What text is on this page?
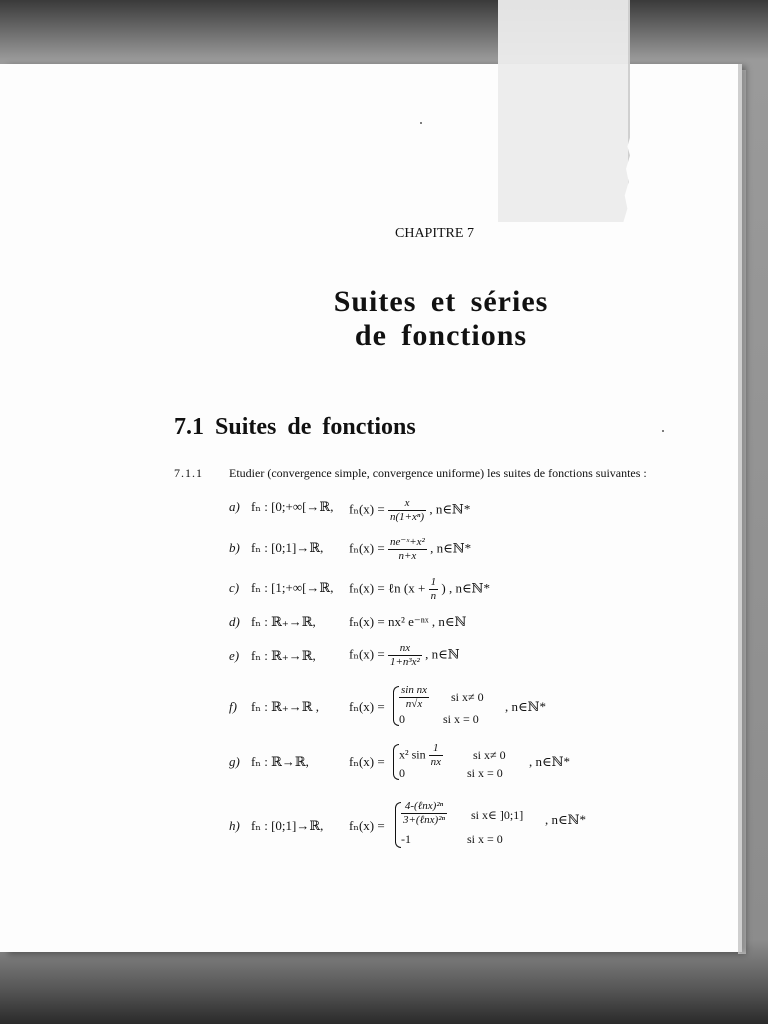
CHAPITRE 7
Suites et séries
de fonctions
7.1 Suites de fonctions
7.1.1 Etudier (convergence simple, convergence uniforme) les suites de fonctions suivantes :
a) fₙ : [0;+∞[→ℝ, $f_n(x) = \frac{x}{\text{n(1+xⁿ)}}$ , n∈ℕ*
b) fₙ : [0;1]→ℝ, $f_n(x) = \frac{\text{ne⁻ˣ+x²}}{n+x}$ , n∈ℕ*
c) fₙ : [1;+∞[→ℝ, fₙ(x) = ℓn ($x + \frac{1}{n}$ ) , n∈ℕ*
d) fₙ : ℝ₊→ℝ,	fₙ(x) = nx² e⁻ⁿˣ , n∈ℕ
e) fₙ : ℝ₊→ℝ,	$f_n(x) = \frac{nx}{\text{1+n³x²}}$ , n∈ℕ
f) fₙ : ℝ₊→ℝ , $f_n(x) = \frac{\text{sin nx}}{n√x}$ si x≠ 0
0	si x = 0
, n∈ℕ*
g) fₙ : ℝ→ℝ,	fₙ(x) = x² $\sin \frac{1}{nx}$	si x≠ 0
0	si x = 0
, n∈ℕ*
h) fₙ : [0;1]→ℝ, $f_n(x) = \frac{\text{4-(ℓnx)²ⁿ}}{\text{3+(ℓnx)²ⁿ}}$ si x∈ ]0;1]
-1	si x = 0
, n∈ℕ*
